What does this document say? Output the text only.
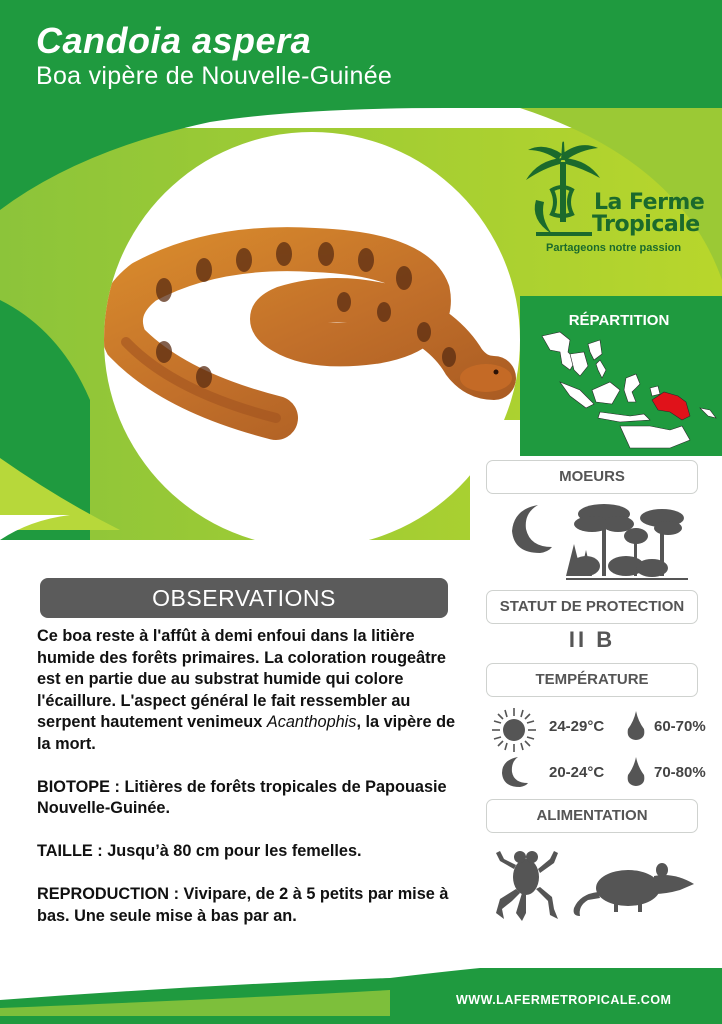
Candoia aspera
Boa vipère de Nouvelle-Guinée
La Ferme
Tropicale
Partageons notre passion
RÉPARTITION
MOEURS
STATUT DE PROTECTION
II B
TEMPÉRATURE
24-29°C	60-70%
20-24°C	70-80%
ALIMENTATION
OBSERVATIONS

Ce boa reste à l'affût à demi enfoui dans la litière humide des forêts primaires. La coloration rougeâtre est en partie due au substrat humide qui colore l'écaillure. L'aspect général le fait ressembler au serpent hautement venimeux Acanthophis, la vipère de la mort.

BIOTOPE : Litières de forêts tropicales de Papouasie Nouvelle-Guinée.

TAILLE : Jusqu’à 80 cm pour les femelles.

REPRODUCTION : Vivipare, de 2 à 5 petits par mise à bas. Une seule mise à bas par an.

WWW.LAFERMETROPICALE.COM
